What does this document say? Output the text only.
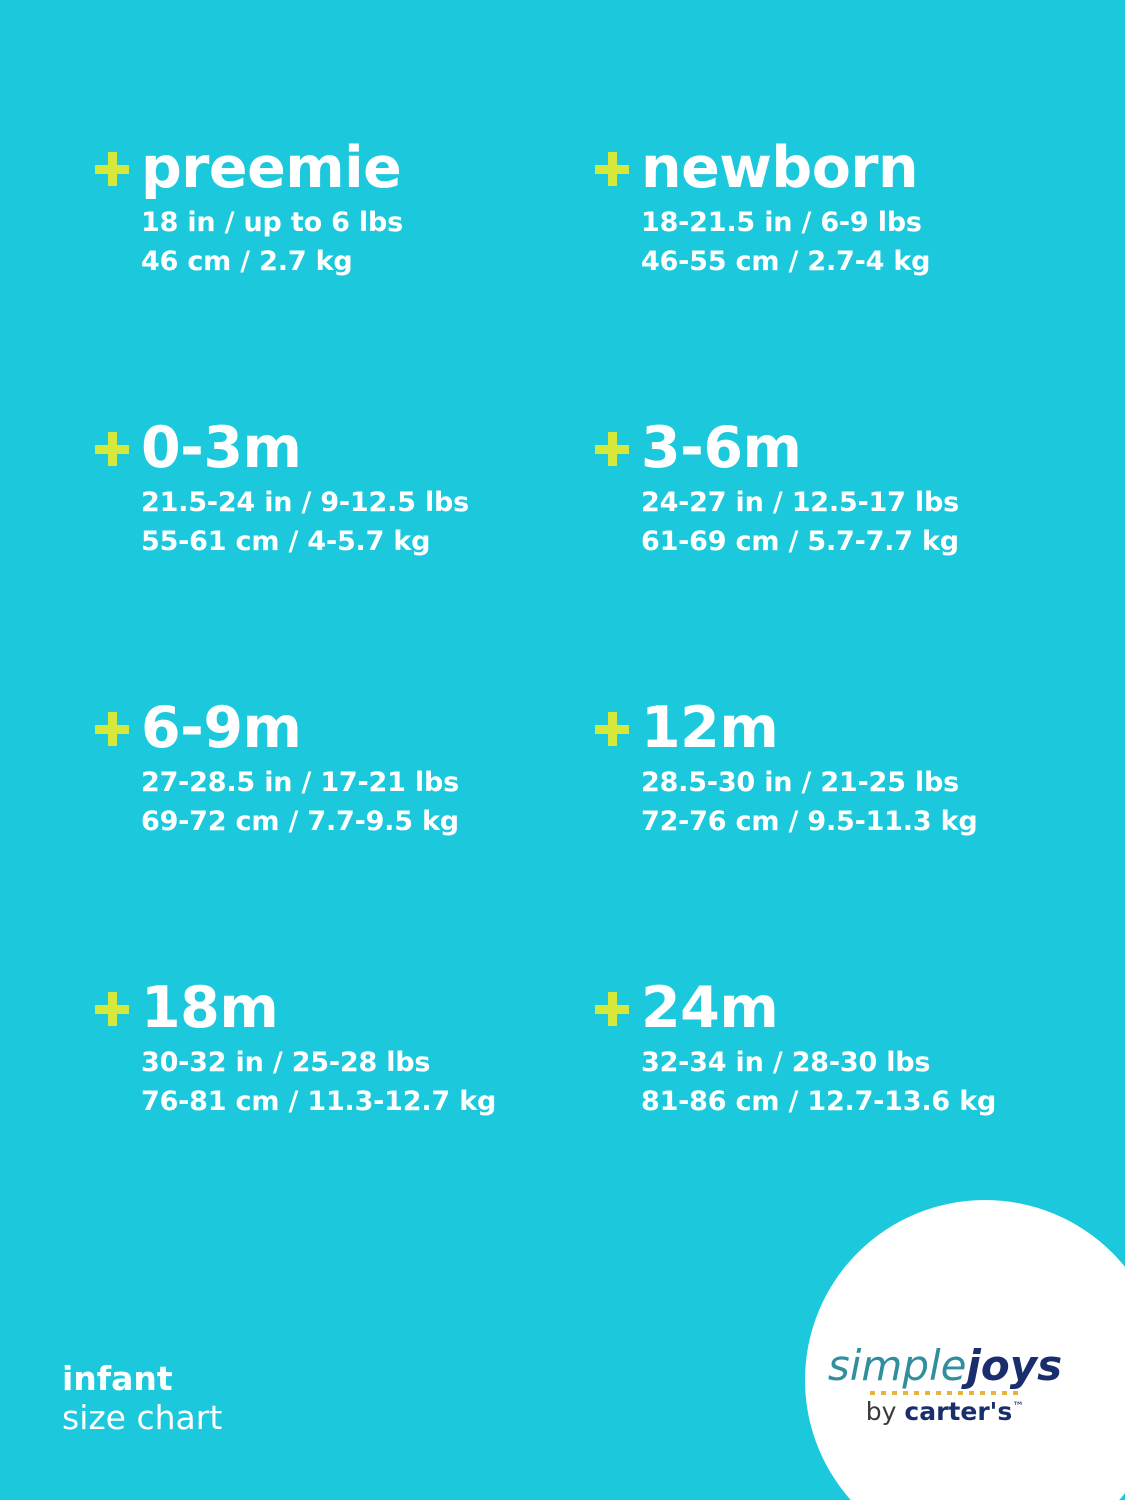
preemie
18 in / up to 6 lbs
46 cm / 2.7 kg
newborn
18-21.5 in / 6-9 lbs
46-55 cm / 2.7-4 kg
0-3m
21.5-24 in / 9-12.5 lbs
55-61 cm / 4-5.7 kg
3-6m
24-27 in / 12.5-17 lbs
61-69 cm / 5.7-7.7 kg
6-9m
27-28.5 in / 17-21 lbs
69-72 cm / 7.7-9.5 kg
12m
28.5-30 in / 21-25 lbs
72-76 cm / 9.5-11.3 kg
18m
30-32 in / 25-28 lbs
76-81 cm / 11.3-12.7 kg
24m
32-34 in / 28-30 lbs
81-86 cm / 12.7-13.6 kg
infant
size chart
simplejoys
by carter's™
